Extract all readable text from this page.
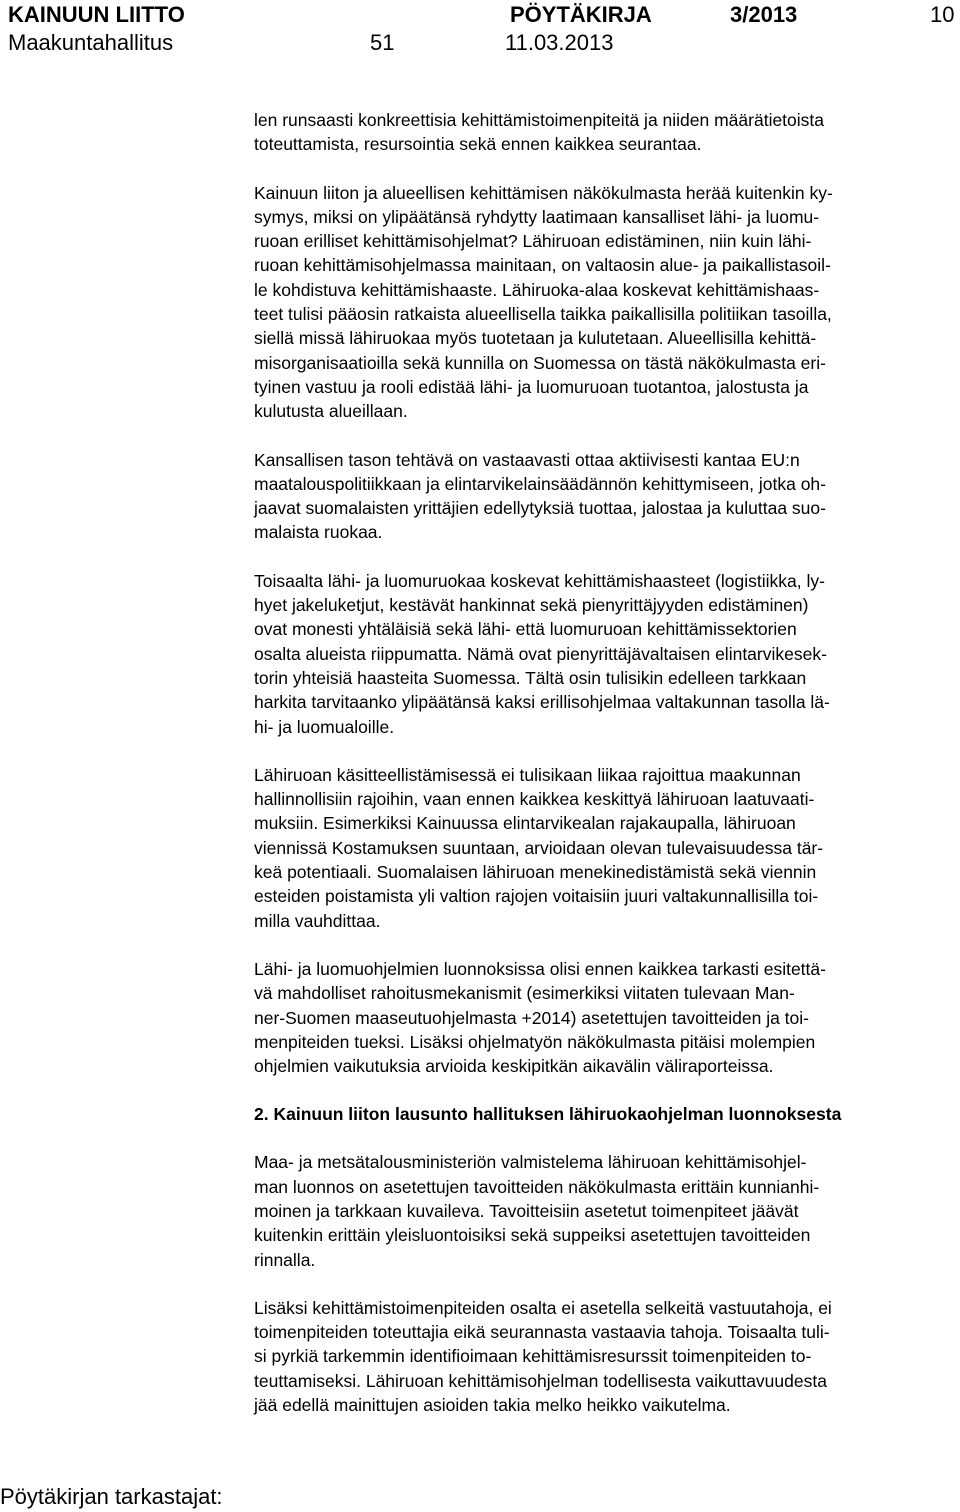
KAINUUN LIITTO	PÖYTÄKIRJA	3/2013	10
Maakuntahallitus	51	11.03.2013

len runsaasti konkreettisia kehittämistoimenpiteitä ja niiden määrätietoista
toteuttamista, resursointia sekä ennen kaikkea seurantaa.

Kainuun liiton ja alueellisen kehittämisen näkökulmasta herää kuitenkin ky-
symys, miksi on ylipäätänsä ryhdytty laatimaan kansalliset lähi- ja luomu-
ruoan erilliset kehittämisohjelmat? Lähiruoan edistäminen, niin kuin lähi-
ruoan kehittämisohjelmassa mainitaan, on valtaosin alue- ja paikallistasoil-
le kohdistuva kehittämishaaste. Lähiruoka-alaa koskevat kehittämishaas-
teet tulisi pääosin ratkaista alueellisella taikka paikallisilla politiikan tasoilla,
siellä missä lähiruokaa myös tuotetaan ja kulutetaan. Alueellisilla kehittä-
misorganisaatioilla sekä kunnilla on Suomessa on tästä näkökulmasta eri-
tyinen vastuu ja rooli edistää lähi- ja luomuruoan tuotantoa, jalostusta ja
kulutusta alueillaan.

Kansallisen tason tehtävä on vastaavasti ottaa aktiivisesti kantaa EU:n
maatalouspolitiikkaan ja elintarvikelainsäädännön kehittymiseen, jotka oh-
jaavat suomalaisten yrittäjien edellytyksiä tuottaa, jalostaa ja kuluttaa suo-
malaista ruokaa.

Toisaalta lähi- ja luomuruokaa koskevat kehittämishaasteet (logistiikka, ly-
hyet jakeluketjut, kestävät hankinnat sekä pienyrittäjyyden edistäminen)
ovat monesti yhtäläisiä sekä lähi- että luomuruoan kehittämissektorien
osalta alueista riippumatta. Nämä ovat pienyrittäjävaltaisen elintarvikesek-
torin yhteisiä haasteita Suomessa. Tältä osin tulisikin edelleen tarkkaan
harkita tarvitaanko ylipäätänsä kaksi erillisohjelmaa valtakunnan tasolla lä-
hi- ja luomualoille.

Lähiruoan käsitteellistämisessä ei tulisikaan liikaa rajoittua maakunnan
hallinnollisiin rajoihin, vaan ennen kaikkea keskittyä lähiruoan laatuvaati-
muksiin. Esimerkiksi Kainuussa elintarvikealan rajakaupalla, lähiruoan
viennissä Kostamuksen suuntaan, arvioidaan olevan tulevaisuudessa tär-
keä potentiaali. Suomalaisen lähiruoan menekinedistämistä sekä viennin
esteiden poistamista yli valtion rajojen voitaisiin juuri valtakunnallisilla toi-
milla vauhdittaa.

Lähi- ja luomuohjelmien luonnoksissa olisi ennen kaikkea tarkasti esitettä-
vä mahdolliset rahoitusmekanismit (esimerkiksi viitaten tulevaan Man-
ner-Suomen maaseutuohjelmasta +2014) asetettujen tavoitteiden ja toi-
menpiteiden tueksi. Lisäksi ohjelmatyön näkökulmasta pitäisi molempien
ohjelmien vaikutuksia arvioida keskipitkän aikavälin väliraporteissa.

2. Kainuun liiton lausunto hallituksen lähiruokaohjelman luonnoksesta

Maa- ja metsätalousministeriön valmistelema lähiruoan kehittämisohjel-
man luonnos on asetettujen tavoitteiden näkökulmasta erittäin kunnianhi-
moinen ja tarkkaan kuvaileva. Tavoitteisiin asetetut toimenpiteet jäävät
kuitenkin erittäin yleisluontoisiksi sekä suppeiksi asetettujen tavoitteiden
rinnalla.

Lisäksi kehittämistoimenpiteiden osalta ei asetella selkeitä vastuutahoja, ei
toimenpiteiden toteuttajia eikä seurannasta vastaavia tahoja. Toisaalta tuli-
si pyrkiä tarkemmin identifioimaan kehittämisresurssit toimenpiteiden to-
teuttamiseksi. Lähiruoan kehittämisohjelman todellisesta vaikuttavuudesta
jää edellä mainittujen asioiden takia melko heikko vaikutelma.

Pöytäkirjan tarkastajat:
